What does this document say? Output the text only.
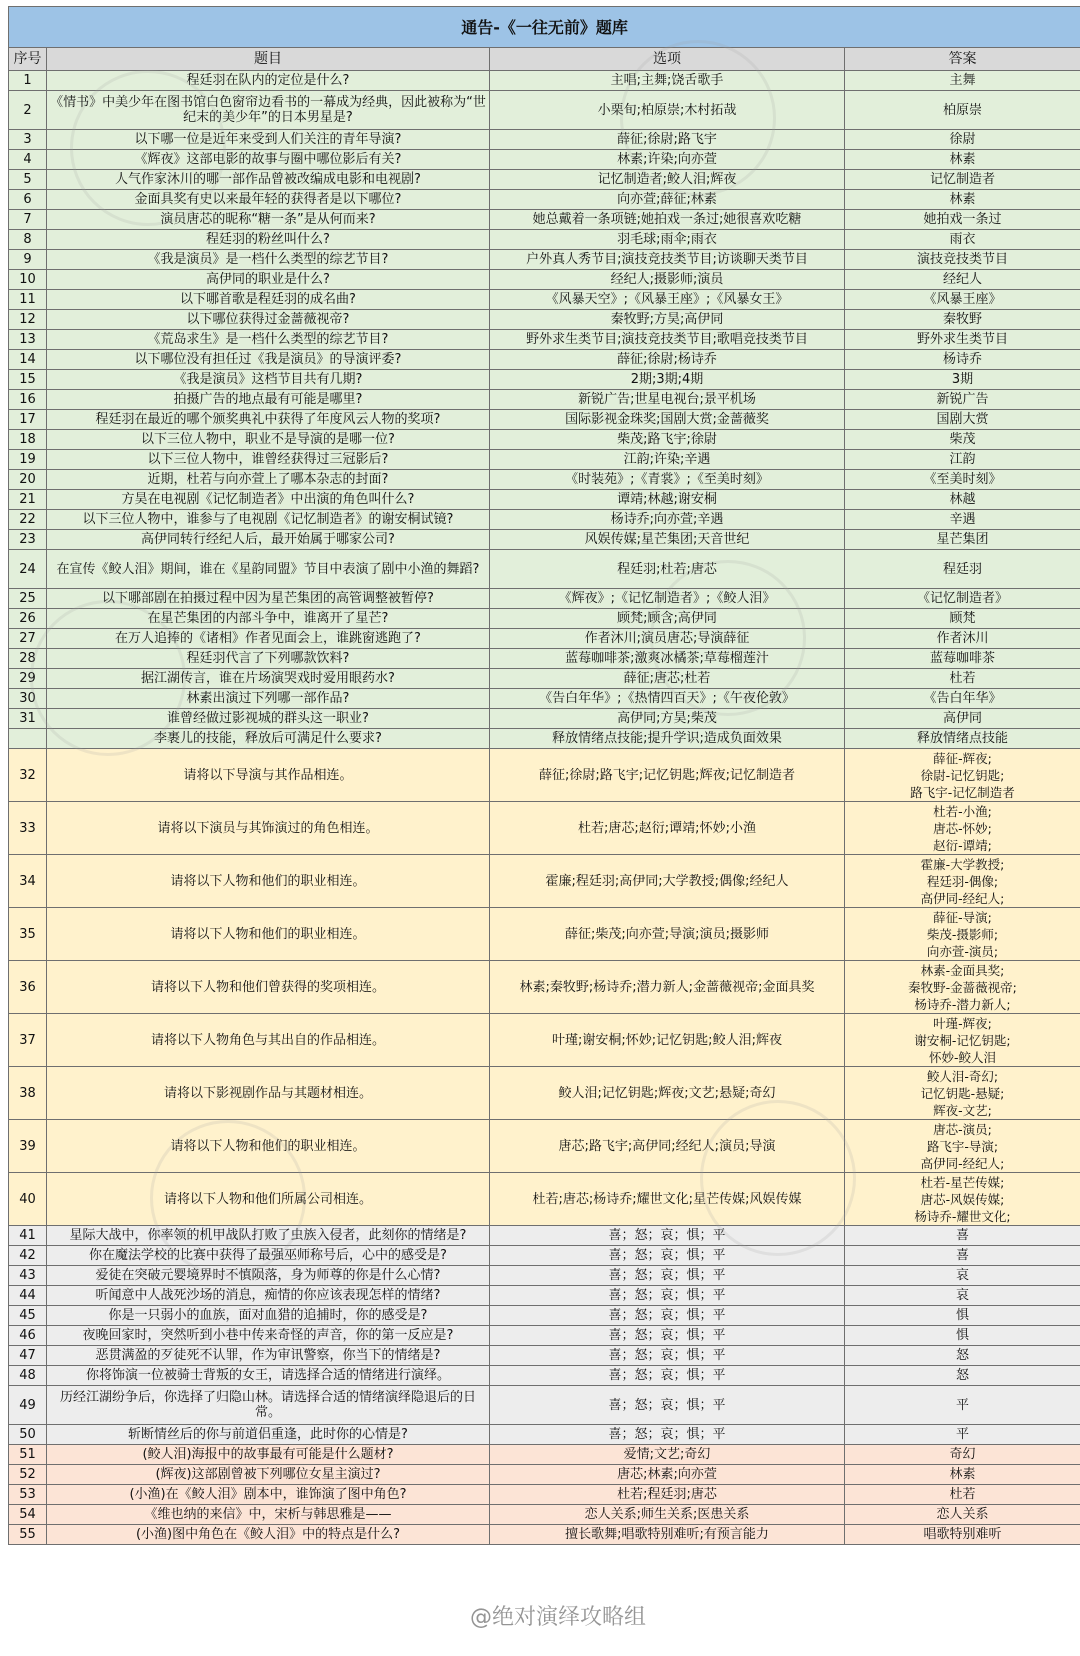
通告-《一往无前》题库			
序号	题目	选项	答案
1	程廷羽在队内的定位是什么?	主唱;主舞;饶舌歌手	主舞
2	《情书》中美少年在图书馆白色窗帘边看书的一幕成为经典，因此被称为“世纪末的美少年”的日本男星是?	小栗旬;柏原崇;木村拓哉	柏原崇
3	以下哪一位是近年来受到人们关注的青年导演?	薛征;徐尉;路飞宇	徐尉
4	《辉夜》这部电影的故事与圈中哪位影后有关?	林素;许染;向亦萱	林素
5	人气作家沐川的哪一部作品曾被改编成电影和电视剧?	记忆制造者;鲛人泪;辉夜	记忆制造者
6	金面具奖有史以来最年轻的获得者是以下哪位?	向亦萱;薛征;林素	林素
7	演员唐芯的昵称“糖一条”是从何而来?	她总戴着一条项链;她拍戏一条过;她很喜欢吃糖	她拍戏一条过
8	程廷羽的粉丝叫什么?	羽毛球;雨伞;雨衣	雨衣
9	《我是演员》是一档什么类型的综艺节目?	户外真人秀节目;演技竞技类节目;访谈聊天类节目	演技竞技类节目
10	高伊同的职业是什么?	经纪人;摄影师;演员	经纪人
11	以下哪首歌是程廷羽的成名曲?	《风暴天空》;《风暴王座》;《风暴女王》	《风暴王座》
12	以下哪位获得过金蔷薇视帝?	秦牧野;方昊;高伊同	秦牧野
13	《荒岛求生》是一档什么类型的综艺节目?	野外求生类节目;演技竞技类节目;歌唱竞技类节目	野外求生类节目
14	以下哪位没有担任过《我是演员》的导演评委?	薛征;徐尉;杨诗乔	杨诗乔
15	《我是演员》这档节目共有几期?	2期;3期;4期	3期
16	拍摄广告的地点最有可能是哪里?	新锐广告;世星电视台;景平机场	新锐广告
17	程廷羽在最近的哪个颁奖典礼中获得了年度风云人物的奖项?	国际影视金珠奖;国剧大赏;金蔷薇奖	国剧大赏
18	以下三位人物中，职业不是导演的是哪一位?	柴茂;路飞宇;徐尉	柴茂
19	以下三位人物中，谁曾经获得过三冠影后?	江韵;许染;辛遇	江韵
20	近期，杜若与向亦萱上了哪本杂志的封面?	《时装苑》;《青裳》;《至美时刻》	《至美时刻》
21	方昊在电视剧《记忆制造者》中出演的角色叫什么?	谭靖;林越;谢安桐	林越
22	以下三位人物中，谁参与了电视剧《记忆制造者》的谢安桐试镜?	杨诗乔;向亦萱;辛遇	辛遇
23	高伊同转行经纪人后，最开始属于哪家公司?	风娱传媒;星芒集团;天音世纪	星芒集团
24	在宣传《鲛人泪》期间，谁在《星韵同盟》节目中表演了剧中小渔的舞蹈?	程廷羽;杜若;唐芯	程廷羽
25	以下哪部剧在拍摄过程中因为星芒集团的高管调整被暂停?	《辉夜》;《记忆制造者》;《鲛人泪》	《记忆制造者》
26	在星芒集团的内部斗争中，谁离开了星芒?	顾梵;顾含;高伊同	顾梵
27	在万人追捧的《诸相》作者见面会上，谁跳窗逃跑了?	作者沐川;演员唐芯;导演薛征	作者沐川
28	程廷羽代言了下列哪款饮料?	蓝莓咖啡茶;激爽冰橘茶;草莓榴莲汁	蓝莓咖啡茶
29	据江湖传言，谁在片场演哭戏时爱用眼药水?	薛征;唐芯;杜若	杜若
30	林素出演过下列哪一部作品?	《告白年华》;《热情四百天》;《午夜伦敦》	《告白年华》
31	谁曾经做过影视城的群头这一职业?	高伊同;方昊;柴茂	高伊同
	李裹儿的技能，释放后可满足什么要求?	释放情绪点技能;提升学识;造成负面效果	释放情绪点技能
32	请将以下导演与其作品相连。	薛征;徐尉;路飞宇;记忆钥匙;辉夜;记忆制造者	薛征-辉夜;
徐尉-记忆钥匙;
路飞宇-记忆制造者

33	请将以下演员与其饰演过的角色相连。	杜若;唐芯;赵衍;谭靖;怀妙;小渔	杜若-小渔;
唐芯-怀妙;
赵衍-谭靖;

34	请将以下人物和他们的职业相连。	霍廉;程廷羽;高伊同;大学教授;偶像;经纪人	霍廉-大学教授;
程廷羽-偶像;
高伊同-经纪人;

35	请将以下人物和他们的职业相连。	薛征;柴茂;向亦萱;导演;演员;摄影师	薛征-导演;
柴茂-摄影师;
向亦萱-演员;

36	请将以下人物和他们曾获得的奖项相连。	林素;秦牧野;杨诗乔;潜力新人;金蔷薇视帝;金面具奖	林素-金面具奖;
秦牧野-金蔷薇视帝;
杨诗乔-潜力新人;

37	请将以下人物角色与其出自的作品相连。	叶瑾;谢安桐;怀妙;记忆钥匙;鲛人泪;辉夜	叶瑾-辉夜;
谢安桐-记忆钥匙;
怀妙-鲛人泪

38	请将以下影视剧作品与其题材相连。	鲛人泪;记忆钥匙;辉夜;文艺;悬疑;奇幻	鲛人泪-奇幻;
记忆钥匙-悬疑;
辉夜-文艺;

39	请将以下人物和他们的职业相连。	唐芯;路飞宇;高伊同;经纪人;演员;导演	唐芯-演员;
路飞宇-导演;
高伊同-经纪人;

40	请将以下人物和他们所属公司相连。	杜若;唐芯;杨诗乔;耀世文化;星芒传媒;风娱传媒	杜若-星芒传媒;
唐芯-风娱传媒;
杨诗乔-耀世文化;

41	星际大战中，你率领的机甲战队打败了虫族入侵者，此刻你的情绪是?	喜；怒；哀；惧；平	喜
42	你在魔法学校的比赛中获得了最强巫师称号后，心中的感受是?	喜；怒；哀；惧；平	喜
43	爱徒在突破元婴境界时不慎陨落，身为师尊的你是什么心情?	喜；怒；哀；惧；平	哀
44	听闻意中人战死沙场的消息，痴情的你应该表现怎样的情绪?	喜；怒；哀；惧；平	哀
45	你是一只弱小的血族，面对血猎的追捕时，你的感受是?	喜；怒；哀；惧；平	惧
46	夜晚回家时，突然听到小巷中传来奇怪的声音，你的第一反应是?	喜；怒；哀；惧；平	惧
47	恶贯满盈的歹徒死不认罪，作为审讯警察，你当下的情绪是?	喜；怒；哀；惧；平	怒
48	你将饰演一位被骑士背叛的女王，请选择合适的情绪进行演绎。	喜；怒；哀；惧；平	怒
49	历经江湖纷争后，你选择了归隐山林。请选择合适的情绪演绎隐退后的日常。	喜；怒；哀；惧；平	平
50	斩断情丝后的你与前道侣重逢，此时你的心情是?	喜；怒；哀；惧；平	平
51	(鲛人泪)海报中的故事最有可能是什么题材?	爱情;文艺;奇幻	奇幻
52	(辉夜)这部剧曾被下列哪位女星主演过?	唐芯;林素;向亦萱	林素
53	(小渔)在《鲛人泪》剧本中，谁饰演了图中角色?	杜若;程廷羽;唐芯	杜若
54	《维也纳的来信》中，宋析与韩思雅是——	恋人关系;师生关系;医患关系	恋人关系
55	(小渔)图中角色在《鲛人泪》中的特点是什么?	擅长歌舞;唱歌特别难听;有预言能力	唱歌特别难听
@绝对演绎攻略组
